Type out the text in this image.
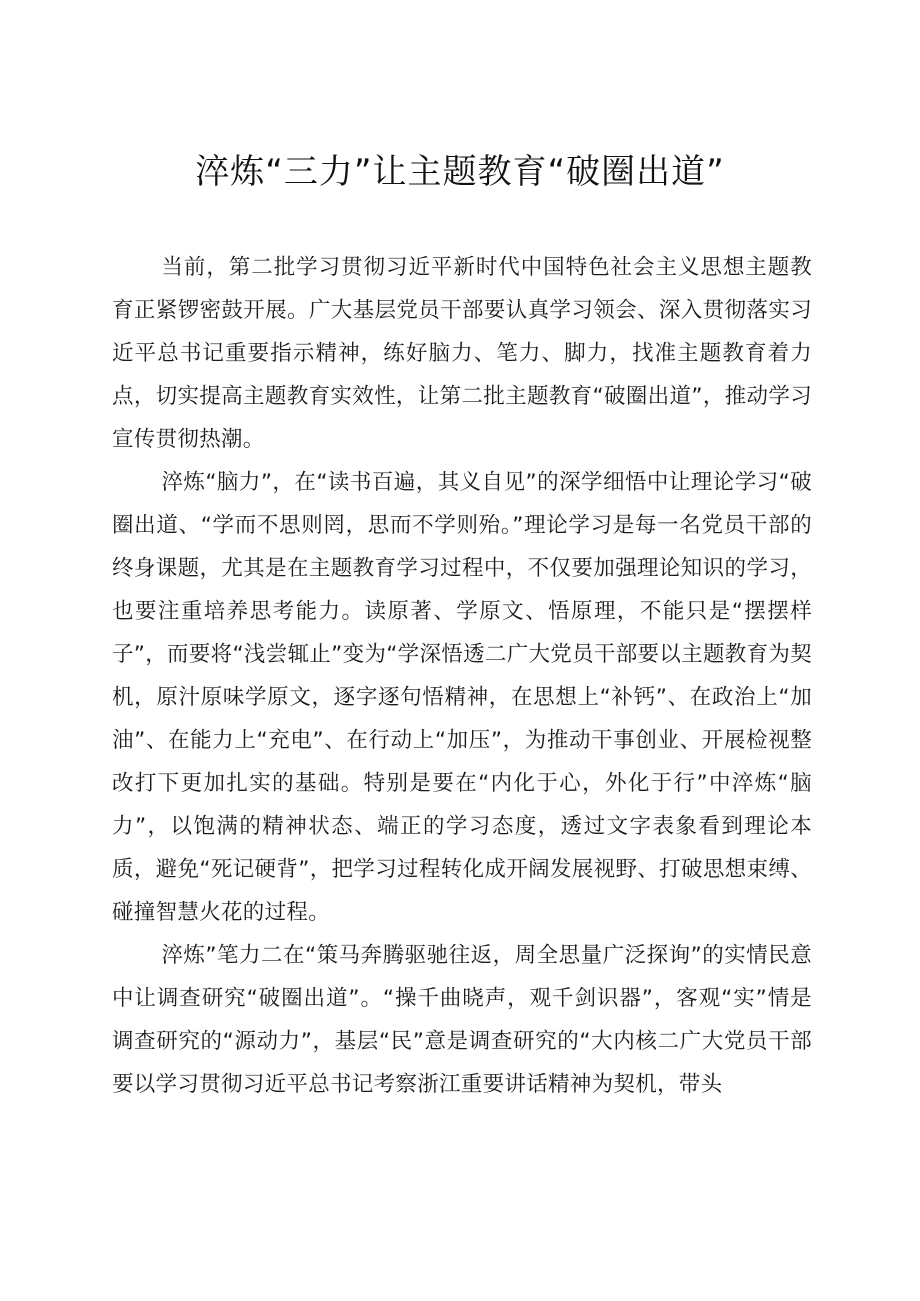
淬炼“三力”让主题教育“破圈出道”

当前，第二批学习贯彻习近平新时代中国特色社会主义思想主题教育正紧锣密鼓开展。广大基层党员干部要认真学习领会、深入贯彻落实习近平总书记重要指示精神，练好脑力、笔力、脚力，找准主题教育着力点，切实提高主题教育实效性，让第二批主题教育“破圈出道”，推动学习宣传贯彻热潮。

淬炼“脑力”，在“读书百遍，其义自见”的深学细悟中让理论学习“破圈出道、“学而不思则罔，思而不学则殆。”理论学习是每一名党员干部的终身课题，尤其是在主题教育学习过程中，不仅要加强理论知识的学习，也要注重培养思考能力。读原著、学原文、悟原理，不能只是“摆摆样子”，而要将“浅尝辄止”变为“学深悟透二广大党员干部要以主题教育为契机，原汁原味学原文，逐字逐句悟精神，在思想上“补钙”、在政治上“加油”、在能力上“充电”、在行动上“加压”，为推动干事创业、开展检视整改打下更加扎实的基础。特别是要在“内化于心，外化于行”中淬炼“脑力”，以饱满的精神状态、端正的学习态度，透过文字表象看到理论本质，避免“死记硬背”，把学习过程转化成开阔发展视野、打破思想束缚、碰撞智慧火花的过程。

淬炼”笔力二在“策马奔腾驱驰往返，周全思量广泛探询”的实情民意中让调查研究“破圈出道”。“操千曲晓声，观千剑识器”，客观“实”情是调查研究的“源动力”，基层“民”意是调查研究的“大内核二广大党员干部要以学习贯彻习近平总书记考察浙江重要讲话精神为契机，带头
